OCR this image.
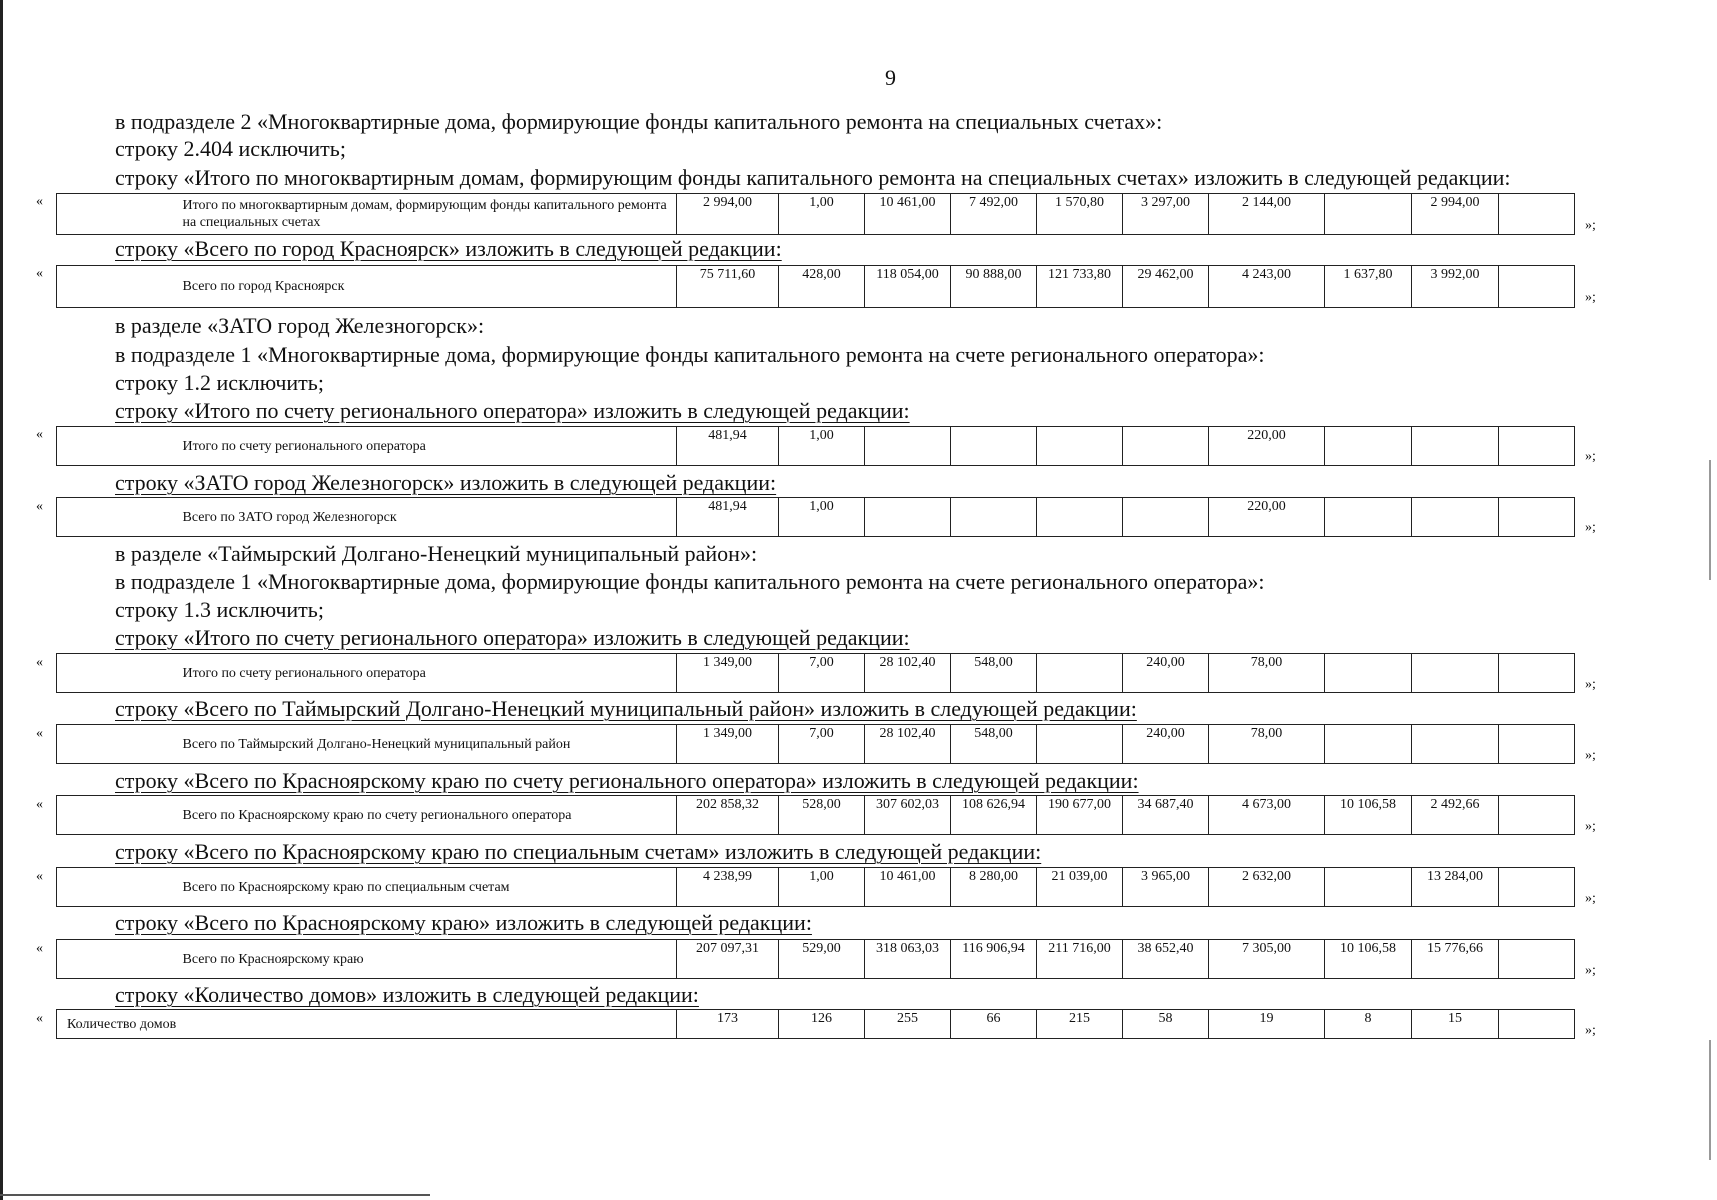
9
в подразделе 2 «Многоквартирные дома, формирующие фонды капитального ремонта на специальных счетах»:
строку 2.404 исключить;
строку «Итого по многоквартирным домам, формирующим фонды капитального ремонта на специальных счетах» изложить в следующей редакции:
«
		Итого по многоквартирным домам, формирующим фонды капитального ремонта на специальных счетах	2 994,00	1,00	10 461,00	7 492,00	1 570,80	3 297,00	2 144,00		2 994,00	
»;
строку «Всего по город Красноярск» изложить в следующей редакции:
«
	Всего по город Красноярск	75 711,60	428,00	118 054,00	90 888,00	121 733,80	29 462,00	4 243,00	1 637,80	3 992,00	
»;
в разделе «ЗАТО город Железногорск»:
в подразделе 1 «Многоквартирные дома, формирующие фонды капитального ремонта на счете регионального оператора»:
строку 1.2 исключить;
строку «Итого по счету регионального оператора» изложить в следующей редакции:
«
	Итого по счету регионального оператора	481,94	1,00					220,00			
»;
строку «ЗАТО город Железногорск» изложить в следующей редакции:
«
	Всего по ЗАТО город Железногорск	481,94	1,00					220,00			
»;
в разделе «Таймырский Долгано-Ненецкий муниципальный район»:
в подразделе 1 «Многоквартирные дома, формирующие фонды капитального ремонта на счете регионального оператора»:
строку 1.3 исключить;
строку «Итого по счету регионального оператора» изложить в следующей редакции:
«
	Итого по счету регионального оператора	1 349,00	7,00	28 102,40	548,00		240,00	78,00			
»;
строку «Всего по Таймырский Долгано-Ненецкий муниципальный район» изложить в следующей редакции:
«
	Всего по Таймырский Долгано-Ненецкий муниципальный район	1 349,00	7,00	28 102,40	548,00		240,00	78,00			
»;
строку «Всего по Красноярскому краю по счету регионального оператора» изложить в следующей редакции:
«
	Всего по Красноярскому краю по счету регионального оператора	202 858,32	528,00	307 602,03	108 626,94	190 677,00	34 687,40	4 673,00	10 106,58	2 492,66	
»;
строку «Всего по Красноярскому краю по специальным счетам» изложить в следующей редакции:
«
	Всего по Красноярскому краю по специальным счетам	4 238,99	1,00	10 461,00	8 280,00	21 039,00	3 965,00	2 632,00		13 284,00	
»;
строку «Всего по Красноярскому краю» изложить в следующей редакции:
«
	Всего по Красноярскому краю	207 097,31	529,00	318 063,03	116 906,94	211 716,00	38 652,40	7 305,00	10 106,58	15 776,66	
»;
строку «Количество домов» изложить в следующей редакции:
« Количество домов	173	126	255	66	215	58	19	8	15	
»;
